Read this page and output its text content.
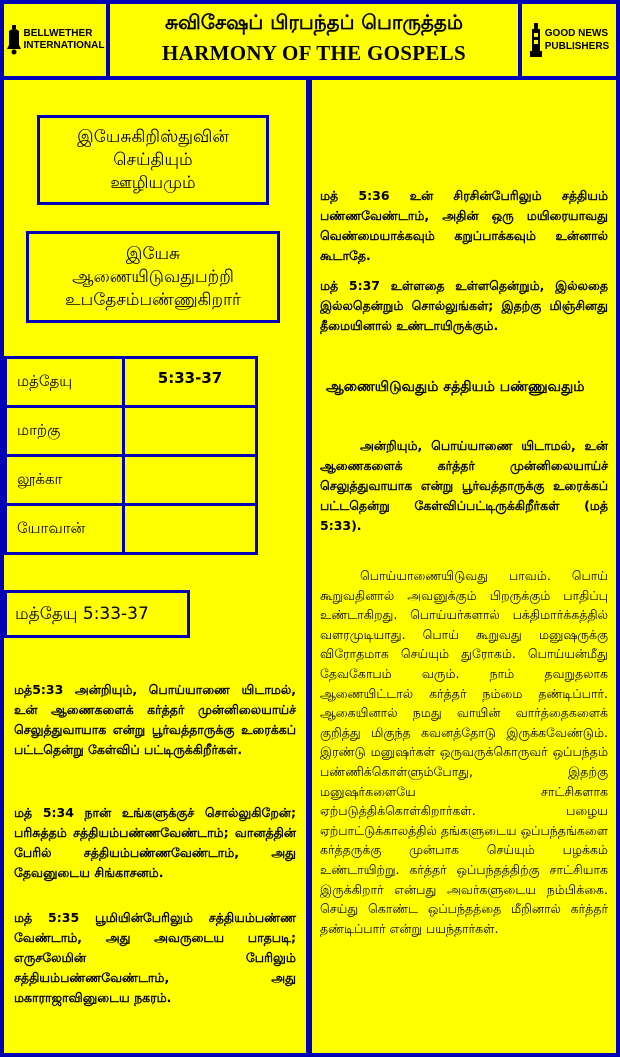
BELLWETHER
INTERNATIONAL
சுவிசேஷப் பிரபந்தப் பொருத்தம்
HARMONY OF THE GOSPELS
GOOD NEWS
PUBLISHERS
இயேசுகிறிஸ்துவின்
செய்தியும்
ஊழியமும்
இயேசு
ஆணையிடுவதுபற்றி
உபதேசம்பண்ணுகிறார்
மத்தேயு	5:33-37
மாற்கு
லூக்கா
யோவான்
மத்தேயு 5:33-37
மத்5:33 அன்றியும், பொய்யாணை யிடாமல், உன் ஆணைகளைக் கர்த்தர் முன்னிலையாய்ச் செலுத்துவாயாக என்று பூர்வத்தாருக்கு உரைக்கப் பட்டதென்று கேள்விப் பட்டிருக்கிறீர்கள்.
மத் 5:34 நான் உங்களுக்குச் சொல்லுகிறேன்; பரிசுத்தம் சத்தியம்பண்ணவேண்டாம்; வானத்தின் பேரில் சத்தியம்பண்ணவேண்டாம், அது தேவனுடைய சிங்காசனம்.
மத் 5:35 பூமியின்பேரிலும் சத்தியம்பண்ண வேண்டாம், அது அவருடைய பாதபடி; எருசலேமின் பேரிலும் சத்தியம்பண்ணவேண்டாம், அது மகாராஜாவினுடைய நகரம்.
மத் 5:36 உன் சிரசின்பேரிலும் சத்தியம் பண்ணவேண்டாம், அதின் ஒரு மயிரையாவது வெண்மையாக்கவும் கறுப்பாக்கவும் உன்னால் கூடாதே.
மத் 5:37 உள்ளதை உள்ளதென்றும், இல்லதை இல்லதென்றும் சொல்லுங்கள்; இதற்கு மிஞ்சினது தீமையினால் உண்டாயிருக்கும்.
ஆணையிடுவதும் சத்தியம் பண்ணுவதும்
அன்றியும், பொய்யாணை யிடாமல், உன் ஆணைகளைக் கர்த்தர் முன்னிலையாய்ச் செலுத்துவாயாக என்று பூர்வத்தாருக்கு உரைக்கப் பட்டதென்று கேள்விப்பட்டிருக்கிறீர்கள் (மத் 5:33).
பொய்யாணையிடுவது பாவம். பொய் கூறுவதினால் அவனுக்கும் பிறருக்கும் பாதிப்பு உண்டாகிறது. பொய்யர்களால் பக்திமார்க்கத்தில் வளரமுடியாது. பொய் கூறுவது மனுஷருக்கு விரோதமாக செய்யும் துரோகம். பொய்யன்மீது தேவகோபம் வரும். நாம் தவறுதலாக ஆணையிட்டால் கர்த்தர் நம்மை தண்டிப்பார். ஆகையினால் நமது வாயின் வார்த்தைகளைக் குறித்து மிகுந்த கவனத்தோடு இருக்கவேண்டும். இரண்டு மனுஷர்கள் ஒருவருக்கொருவர் ஒப்பந்தம் பண்ணிக்கொள்ளும்போது, இதற்கு மனுஷர்களையே சாட்சிகளாக ஏற்படுத்திக்கொள்கிறார்கள். பழைய ஏற்பாட்டுக்காலத்தில் தங்களுடைய ஒப்பந்தங்களை கர்த்தருக்கு முன்பாக செய்யும் பழக்கம் உண்டாயிற்று. கர்த்தர் ஒப்பந்தத்திற்கு சாட்சியாக இருக்கிறார் என்பது அவர்களுடைய நம்பிக்கை. செய்து கொண்ட ஒப்பந்தத்தை மீறினால் கர்த்தர் தண்டிப்பார் என்று பயந்தார்கள்.
